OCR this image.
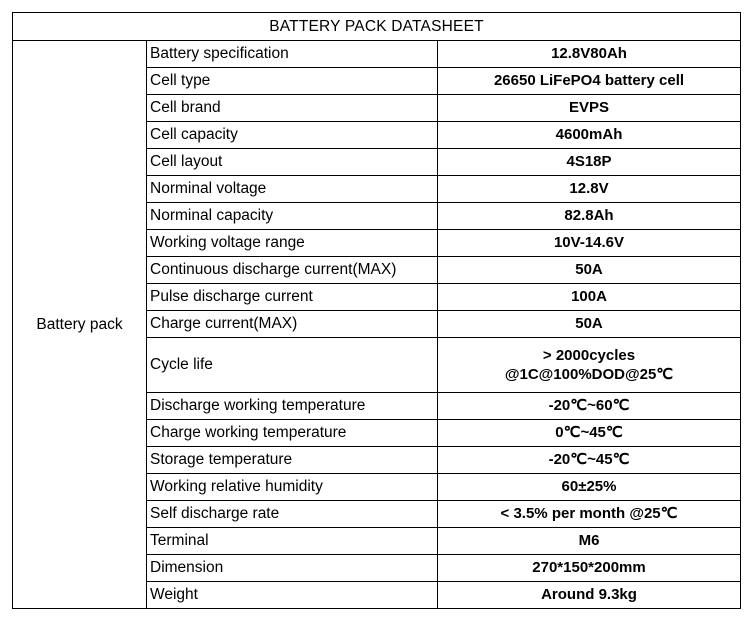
BATTERY PACK DATASHEET		
Battery pack	Battery specification	12.8V80Ah
	Cell type	26650 LiFePO4 battery cell
	Cell brand	EVPS
	Cell capacity	4600mAh
	Cell layout	4S18P
	Norminal voltage	12.8V
	Norminal capacity	82.8Ah
	Working voltage range	10V-14.6V
	Continuous discharge current(MAX)	50A
	Pulse discharge current	100A
	Charge current(MAX)	50A
	Cycle life	> 2000cycles
@1C@100%DOD@25℃

	Discharge working temperature	-20℃~60℃
	Charge working temperature	0℃~45℃
	Storage temperature	-20℃~45℃
	Working relative humidity	60±25%
	Self discharge rate	< 3.5% per month @25℃
	Terminal	M6
	Dimension	270*150*200mm
	Weight	Around 9.3kg
